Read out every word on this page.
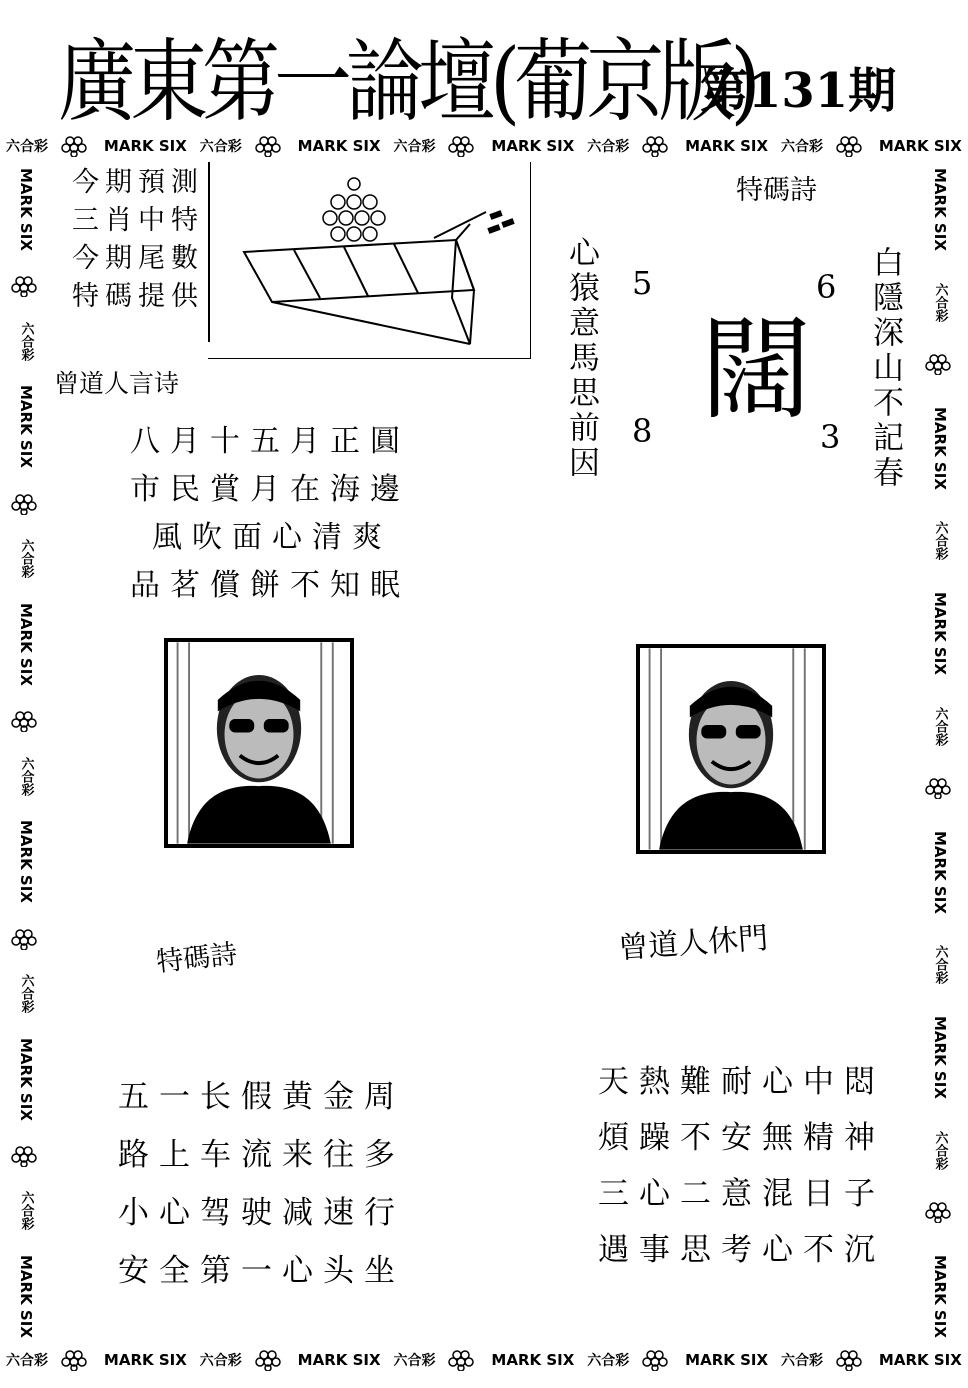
廣東第一論壇(葡京版)
第131期
六合彩	MARK SIX 六合彩	MARK SIX 六合彩	MARK SIX 六合彩	MARK SIX 六合彩	MARK SIX
MARK SIX
六合彩
MARK SIX
六合彩
MARK SIX
六合彩
MARK SIX
六合彩
MARK SIX
六合彩
MARK SIX
MARK SIX
六合彩
MARK SIX
六合彩
MARK SIX
六合彩
MARK SIX
六合彩
MARK SIX
六合彩
MARK SIX
今期預測
三肖中特
今期尾數
特碼提供
曾道人言诗
八月十五月正圓
市民賞月在海邊
風吹面心清爽
品茗償餅不知眠
心猿意馬思前因
特碼詩
5	6
闊
8	3 白隱深山不記春
特碼詩
五一长假黄金周
路上车流来往多
小心驾驶减速行
安全第一心头坐
曾道人休門
天熱難耐心中悶
煩躁不安無精神
三心二意混日子
遇事思考心不沉
六合彩	MARK SIX 六合彩	MARK SIX 六合彩	MARK SIX 六合彩	MARK SIX 六合彩	MARK SIX
